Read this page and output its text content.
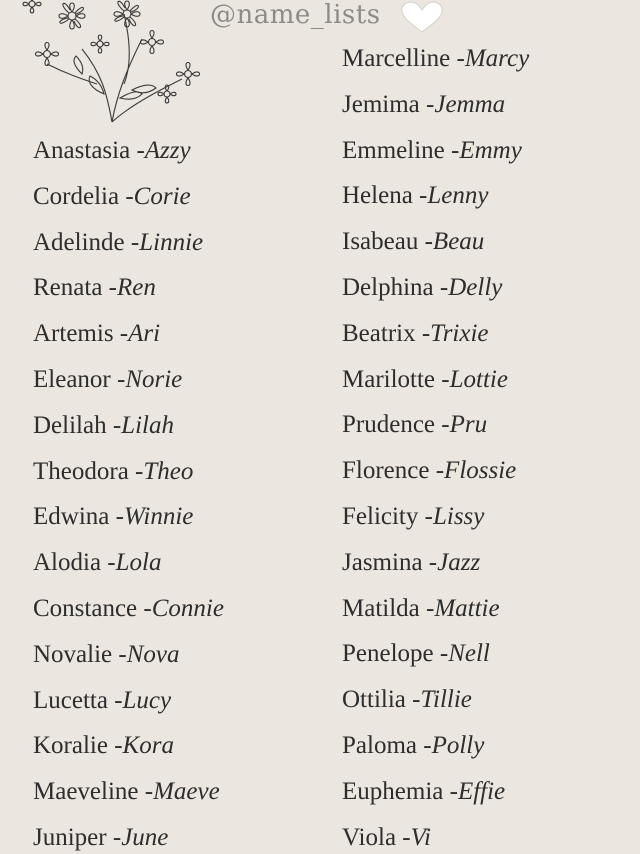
@name_lists
Anastasia -Azzy
Cordelia -Corie
Adelinde -Linnie
Renata -Ren
Artemis -Ari
Eleanor -Norie
Delilah -Lilah
Theodora -Theo
Edwina -Winnie
Alodia -Lola
Constance -Connie
Novalie -Nova
Lucetta -Lucy
Koralie -Kora
Maeveline -Maeve
Juniper -June
Marcelline -Marcy
Jemima -Jemma
Emmeline -Emmy
Helena -Lenny
Isabeau -Beau
Delphina -Delly
Beatrix -Trixie
Marilotte -Lottie
Prudence -Pru
Florence -Flossie
Felicity -Lissy
Jasmina -Jazz
Matilda -Mattie
Penelope -Nell
Ottilia -Tillie
Paloma -Polly
Euphemia -Effie
Viola -Vi
